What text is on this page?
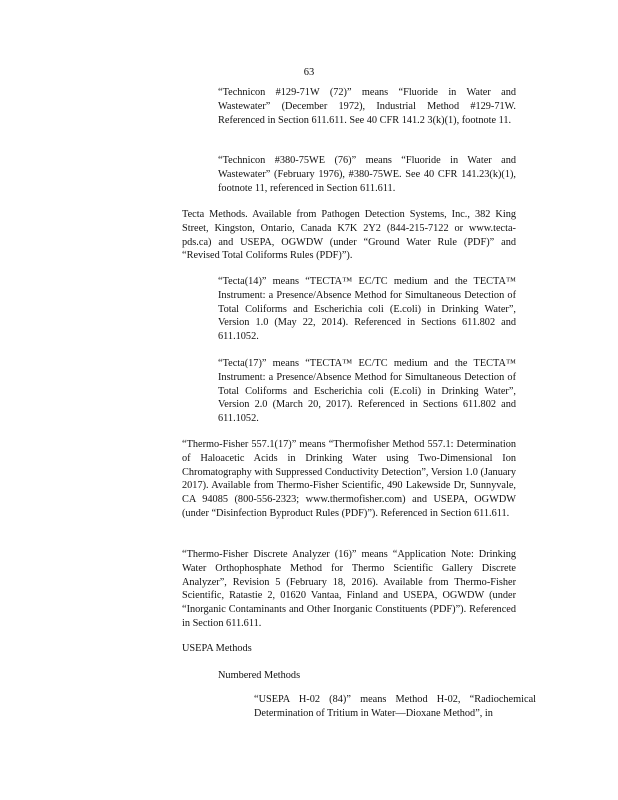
63
“Technicon #129-71W (72)” means “Fluoride in Water and Wastewater” (December 1972), Industrial Method #129-71W. Referenced in Section 611.611. See 40 CFR 141.2 3(k)(1), footnote 11.
“Technicon #380-75WE (76)” means “Fluoride in Water and Wastewater” (February 1976), #380-75WE. See 40 CFR 141.23(k)(1), footnote 11, referenced in Section 611.611.
Tecta Methods. Available from Pathogen Detection Systems, Inc., 382 King Street, Kingston, Ontario, Canada K7K 2Y2 (844-215-7122 or www.tecta-pds.ca) and USEPA, OGWDW (under “Ground Water Rule (PDF)” and “Revised Total Coliforms Rules (PDF)”).
“Tecta(14)” means “TECTA™ EC/TC medium and the TECTA™ Instrument: a Presence/Absence Method for Simultaneous Detection of Total Coliforms and Escherichia coli (E.coli) in Drinking Water”, Version 1.0 (May 22, 2014). Referenced in Sections 611.802 and 611.1052.
“Tecta(17)” means “TECTA™ EC/TC medium and the TECTA™ Instrument: a Presence/Absence Method for Simultaneous Detection of Total Coliforms and Escherichia coli (E.coli) in Drinking Water”, Version 2.0 (March 20, 2017). Referenced in Sections 611.802 and 611.1052.
“Thermo-Fisher 557.1(17)” means “Thermofisher Method 557.1: Determination of Haloacetic Acids in Drinking Water using Two-Dimensional Ion Chromatography with Suppressed Conductivity Detection”, Version 1.0 (January 2017). Available from Thermo-Fisher Scientific, 490 Lakewside Dr, Sunnyvale, CA 94085 (800-556-2323; www.thermofisher.com) and USEPA, OGWDW (under “Disinfection Byproduct Rules (PDF)”). Referenced in Section 611.611.
“Thermo-Fisher Discrete Analyzer (16)” means “Application Note: Drinking Water Orthophosphate Method for Thermo Scientific Gallery Discrete Analyzer”, Revision 5 (February 18, 2016). Available from Thermo-Fisher Scientific, Ratastie 2, 01620 Vantaa, Finland and USEPA, OGWDW (under “Inorganic Contaminants and Other Inorganic Constituents (PDF)”). Referenced in Section 611.611.
USEPA Methods
Numbered Methods
“USEPA H-02 (84)” means Method H-02, “Radiochemical Determination of Tritium in Water—Dioxane Method”, in
